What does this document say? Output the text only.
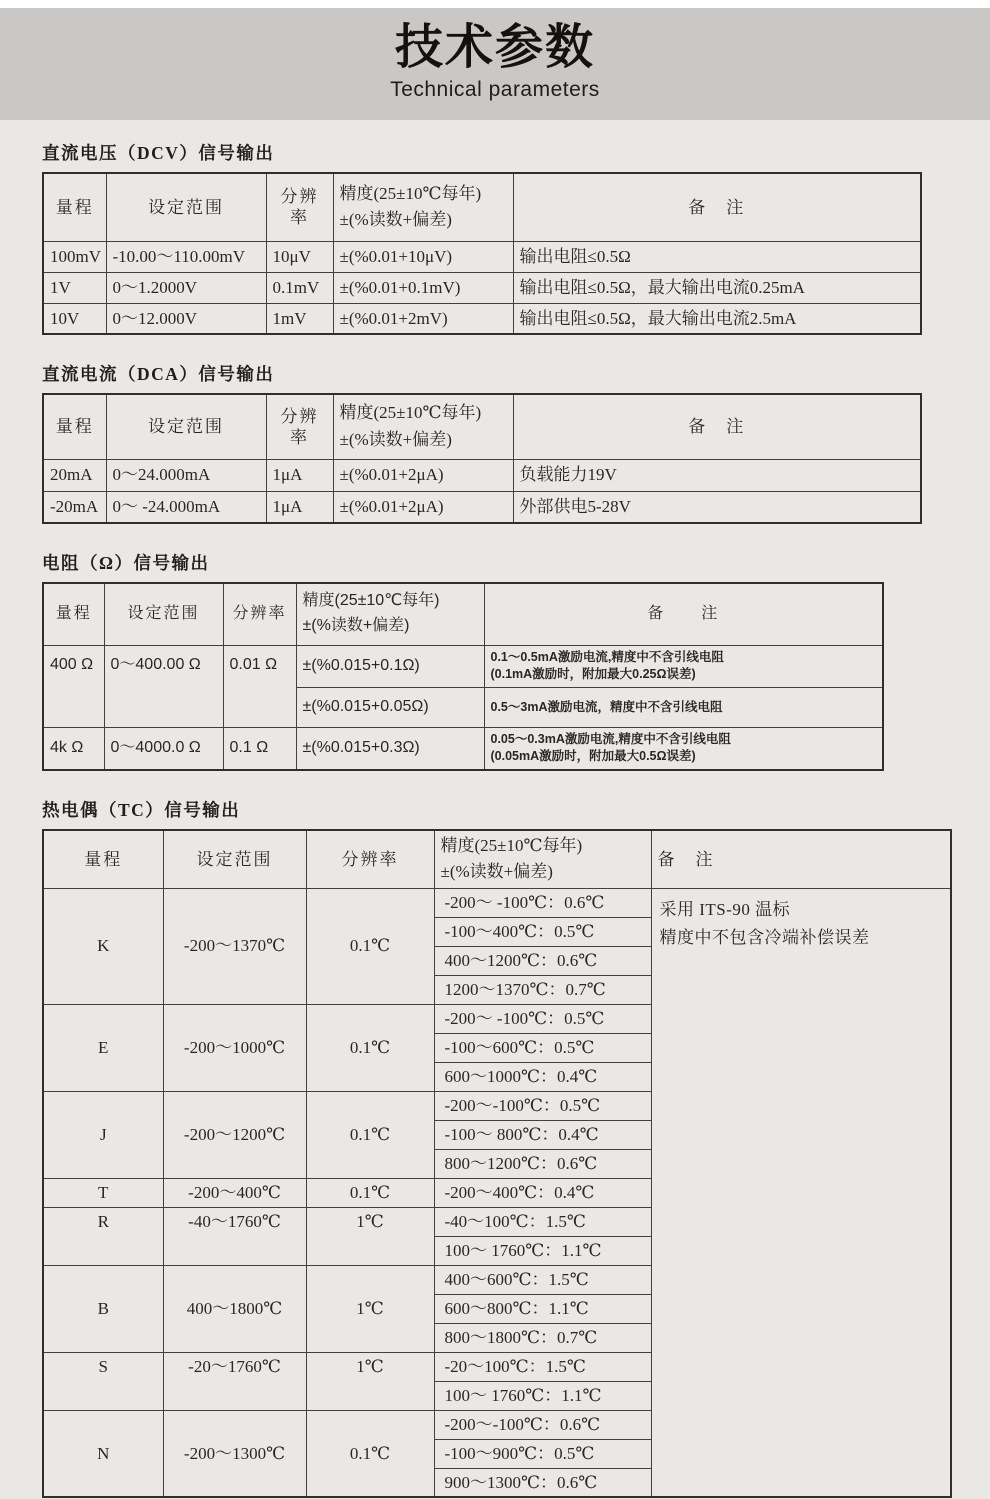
技术参数
Technical parameters
直流电压（DCV）信号输出
量程	设定范围	分辨率	精度(25±10℃每年)
±(%读数+偏差)	备　注
100mV	-10.00～110.00mV	10μV	±(%0.01+10μV)	输出电阻≤0.5Ω
1V	0～1.2000V	0.1mV	±(%0.01+0.1mV)	输出电阻≤0.5Ω，最大输出电流0.25mA
10V	0～12.000V	1mV	±(%0.01+2mV)	输出电阻≤0.5Ω，最大输出电流2.5mA
直流电流（DCA）信号输出
量程	设定范围	分辨率	精度(25±10℃每年)
±(%读数+偏差)	备　注
20mA	0～24.000mA	1μA	±(%0.01+2μA)	负载能力19V
-20mA	0～ -24.000mA	1μA	±(%0.01+2μA)	外部供电5-28V
电阻（Ω）信号输出
量程	设定范围	分辨率	精度(25±10℃每年)
±(%读数+偏差)	备　　注
400 Ω	0～400.00 Ω	0.01 Ω	±(%0.015+0.1Ω)	0.1～0.5mA激励电流,精度中不含引线电阻
(0.1mA激励时，附加最大0.25Ω误差)

			±(%0.015+0.05Ω)	0.5～3mA激励电流，精度中不含引线电阻
4k Ω	0～4000.0 Ω	0.1 Ω	±(%0.015+0.3Ω)	0.05～0.3mA激励电流,精度中不含引线电阻
(0.05mA激励时，附加最大0.5Ω误差)
热电偶（TC）信号输出
量程	设定范围	分辨率	精度(25±10℃每年)
±(%读数+偏差)	备　注
K	-200～1370℃	0.1℃	-200～ -100℃：0.6℃	采用 ITS-90 温标
精度中不包含冷端补偿误差

			-100～400℃：0.5℃	
			400～1200℃：0.6℃	
			1200～1370℃：0.7℃	
E	-200～1000℃	0.1℃	-200～ -100℃：0.5℃	
			-100～600℃：0.5℃	
			600～1000℃：0.4℃	
J	-200～1200℃	0.1℃	-200～-100℃：0.5℃	
			-100～ 800℃：0.4℃	
			800～1200℃：0.6℃	
T	-200～400℃	0.1℃	-200～400℃：0.4℃	
R	-40～1760℃	1℃	-40～100℃：1.5℃	
			100～ 1760℃：1.1℃	
B	400～1800℃	1℃	400～600℃：1.5℃	
			600～800℃：1.1℃	
			800～1800℃：0.7℃	
S	-20～1760℃	1℃	-20～100℃：1.5℃	
			100～ 1760℃：1.1℃	
N	-200～1300℃	0.1℃	-200～-100℃：0.6℃	
			-100～900℃：0.5℃	
			900～1300℃：0.6℃	
